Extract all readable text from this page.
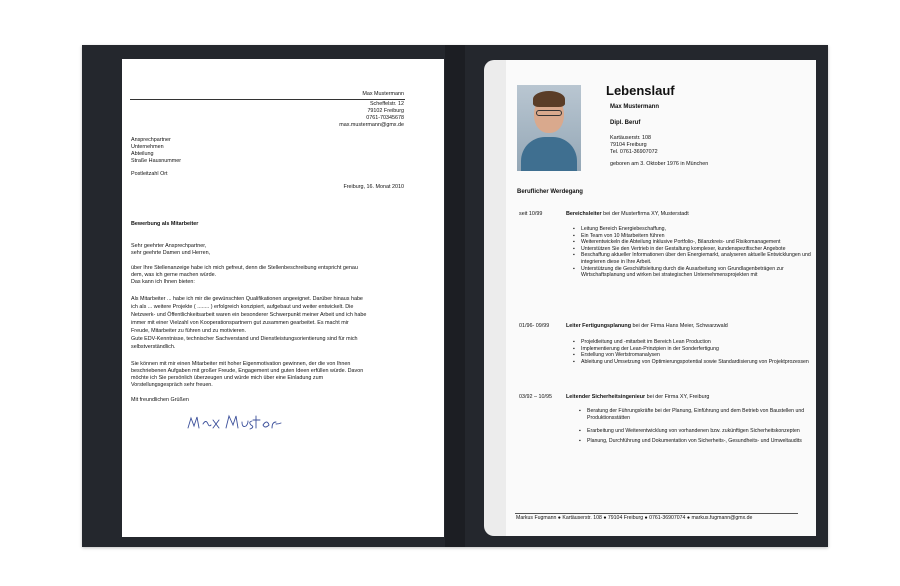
Max Mustermann
Scheffelstr. 12
79102 Freiburg
0761-70345678
max.mustermann@gmx.de
Ansprechpartner
Unternehmen
Abteilung
Straße Hausnummer
Postleitzahl Ort
Freiburg, 16. Monat 2010
Bewerbung als Mitarbeiter
Sehr geehrter Ansprechpartner,
sehr geehrte Damen und Herren,
über Ihre Stellenanzeige habe ich mich gefreut, denn die Stellenbeschreibung entspricht genau
dem, was ich gerne machen würde.
Das kann ich Ihnen bieten:
Als Mitarbeiter ... habe ich mir die gewünschten Qualifikationen angeeignet. Darüber hinaus habe
ich als ... weitere Projekte ( ........ ) erfolgreich konzipiert, aufgebaut und weiter entwickelt. Die
Netzwerk- und Öffentlichkeitsarbeit waren ein besonderer Schwerpunkt meiner Arbeit und ich habe
immer mit einer Vielzahl von Kooperationspartnern gut zusammen gearbeitet. Es macht mir
Freude, Mitarbeiter zu führen und zu motivieren.
Gute EDV-Kenntnisse, technischer Sachverstand und Dienstleistungsorientierung sind für mich
selbstverständlich.
Sie können mit mir einen Mitarbeiter mit hoher Eigenmotivation gewinnen, der die von Ihnen
beschriebenen Aufgaben mit großer Freude, Engagement und guten Ideen erfüllen würde. Davon
möchte ich Sie persönlich überzeugen und würde mich über eine Einladung zum
Vorstellungsgespräch sehr freuen.
Mit freundlichen Grüßen
Lebenslauf
Max Mustermann
Dipl. Beruf
Kartäuserstr. 108
79104 Freiburg
Tel. 0761-36907072
geboren am 3. Oktober 1976 in München
Beruflicher Werdegang
seit 10/99	Bereichsleiter bei der Musterfirma XY, Musterstadt
▪ Leitung Bereich Energiebeschaffung,
▪ Ein Team von 10 Mitarbeitern führen
▪ Weiterentwickeln die Abteilung inklusive Portfolio-, Bilanzkreis- und Risikomanagement
▪ Unterstützen Sie den Vertrieb in der Gestaltung komplexer, kundenspezifischer Angebote
▪ Beschaffung aktueller Informationen über den Energiemarkt, analyseren aktuelle Entwicklungen und integrieren diese in Ihre Arbeit.
▪ Unterstützung die Geschäftsleitung durch die Ausarbeitung von Grundlagenbeträgen zur Wirtschaftsplanung und wirken bei strategischen Unternehmensprojekten mit
01/96- 09/99	Leiter Fertigungsplanung bei der Firma Hans Meier, Schwarzwald
▪ Projektleitung und -mitarbeit im Bereich Lean Production
▪ Implementierung der Lean-Prinzipien in der Sonderfertigung
▪ Erstellung von Wertstromanalysen
▪ Ableitung und Umsetzung von Optimierungspotential sowie Standardisierung von Projektprozessen
03/92 – 10/95	Leitender Sicherheitsingenieur bei der Firma XY, Freiburg
▪ Beratung der Führungskräfte bei der Planung, Einführung und dem Betrieb von Baustellen und Produktionsstätten
▪ Erarbeitung und Weiterentwicklung von vorhandenen bzw. zukünftigen Sicherheitskonzepten
▪ Planung, Durchführung und Dokumentation von Sicherheits-, Gesundheits- und Umweltaudits
Markus Fugmann ● Kartäuserstr. 108 ● 79104 Freiburg ● 0761-36907074 ● markus.fugmann@gmx.de
